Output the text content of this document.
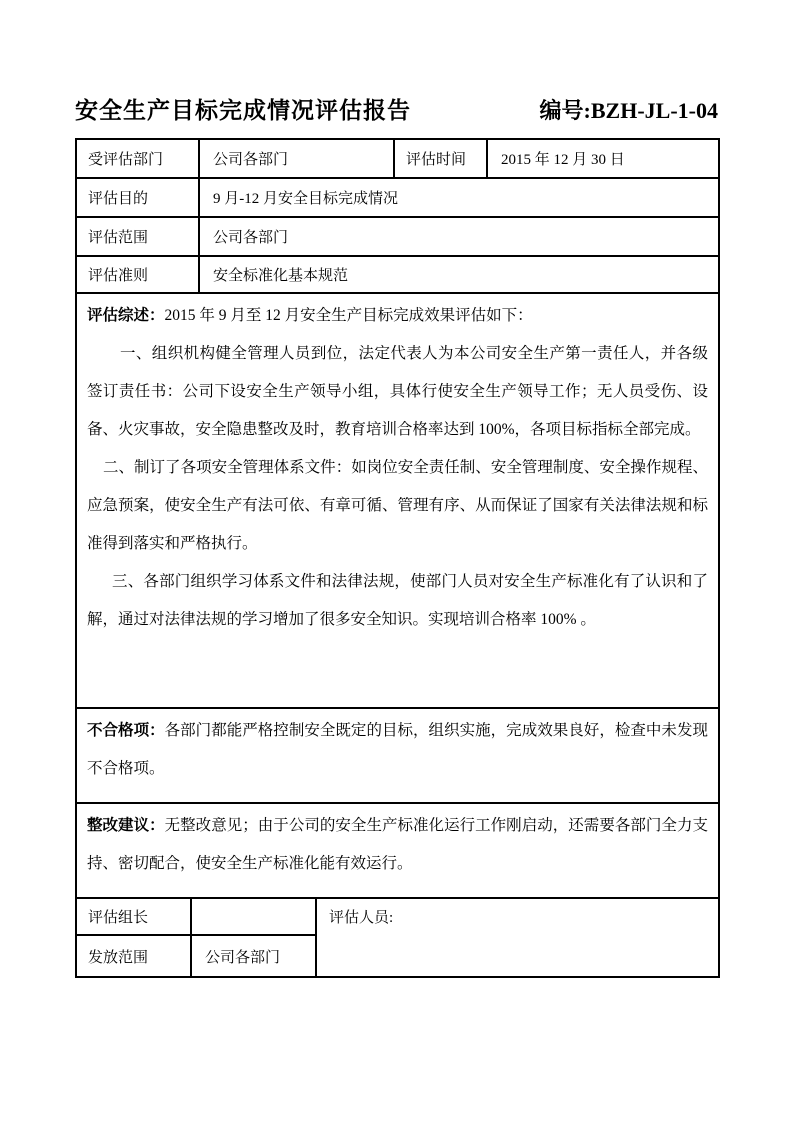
安全生产目标完成情况评估报告	编号:BZH-JL-1-04
受评估部门	公司各部门	评估时间	2015 年 12 月 30 日
评估目的	9 月-12 月安全目标完成情况		
评估范围	公司各部门		
评估准则	安全标准化基本规范		

评估综述：2015 年 9 月至 12 月安全生产目标完成效果评估如下：

一、组织机构健全管理人员到位，法定代表人为本公司安全生产第一责任人，并各级签订责任书：公司下设安全生产领导小组，具体行使安全生产领导工作；无人员受伤、设备、火灾事故，安全隐患整改及时，教育培训合格率达到 100%，各项目标指标全部完成。

二、制订了各项安全管理体系文件：如岗位安全责任制、安全管理制度、安全操作规程、应急预案，使安全生产有法可依、有章可循、管理有序、从而保证了国家有关法律法规和标准得到落实和严格执行。

三、各部门组织学习体系文件和法律法规，使部门人员对安全生产标准化有了认识和了解，通过对法律法规的学习增加了很多安全知识。实现培训合格率 100% 。			

不合格项：各部门都能严格控制安全既定的目标，组织实施，完成效果良好，检查中未发现不合格项。			

整改建议：无整改意见；由于公司的安全生产标准化运行工作刚启动，还需要各部门全力支持、密切配合，使安全生产标准化能有效运行。			

评估组长		评估人员:
发放范围	公司各部门	
